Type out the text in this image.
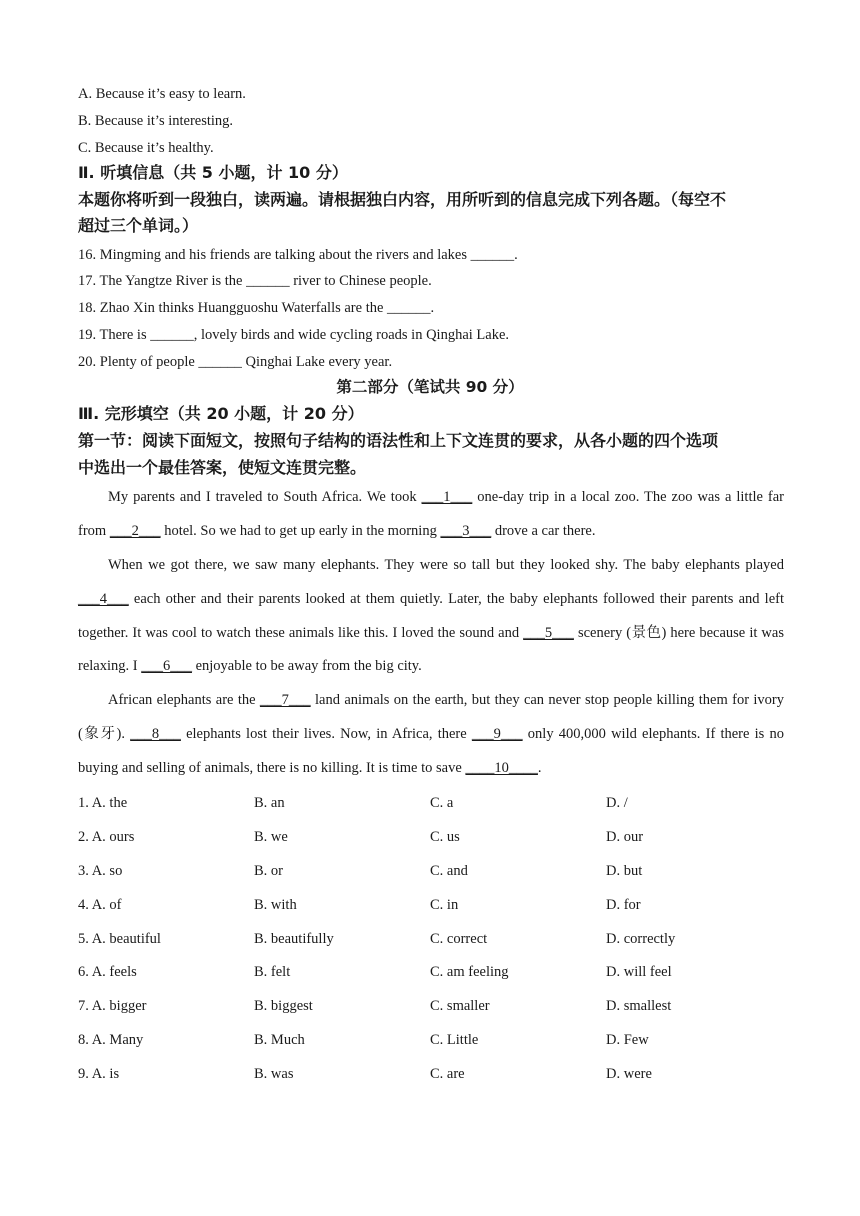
A. Because it’s easy to learn.
B. Because it’s interesting.
C. Because it’s healthy.
Ⅱ. 听填信息（共 5 小题，计 10 分）
本题你将听到一段独白，读两遍。请根据独白内容，用所听到的信息完成下列各题。（每空不
超过三个单词。）
16. Mingming and his friends are talking about the rivers and lakes ______.
17. The Yangtze River is the ______ river to Chinese people.
18. Zhao Xin thinks Huangguoshu Waterfalls are the ______.
19. There is ______, lovely birds and wide cycling roads in Qinghai Lake.
20. Plenty of people ______ Qinghai Lake every year.
第二部分（笔试共 90 分）
Ⅲ. 完形填空（共 20 小题，计 20 分）
第一节：阅读下面短文，按照句子结构的语法性和上下文连贯的要求，从各小题的四个选项
中选出一个最佳答案，使短文连贯完整。
My parents and I traveled to South Africa. We took ___1___ one-day trip in a local zoo. The zoo was a little far from ___2___ hotel. So we had to get up early in the morning ___3___ drove a car there.
When we got there, we saw many elephants. They were so tall but they looked shy. The baby elephants played ___4___ each other and their parents looked at them quietly. Later, the baby elephants followed their parents and left together. It was cool to watch these animals like this. I loved the sound and ___5___ scenery (景色) here because it was relaxing. I ___6___ enjoyable to be away from the big city.
African elephants are the ___7___ land animals on the earth, but they can never stop people killing them for ivory (象牙). ___8___ elephants lost their lives. Now, in Africa, there ___9___ only 400,000 wild elephants. If there is no buying and selling of animals, there is no killing. It is time to save ____10____.
1. A. the	B. an	C. a	D. /
2. A. ours	B. we	C. us	D. our
3. A. so	B. or	C. and	D. but
4. A. of	B. with	C. in	D. for
5. A. beautiful	B. beautifully	C. correct	D. correctly
6. A. feels	B. felt	C. am feeling	D. will feel
7. A. bigger	B. biggest	C. smaller	D. smallest
8. A. Many	B. Much	C. Little	D. Few
9. A. is	B. was	C. are	D. were
